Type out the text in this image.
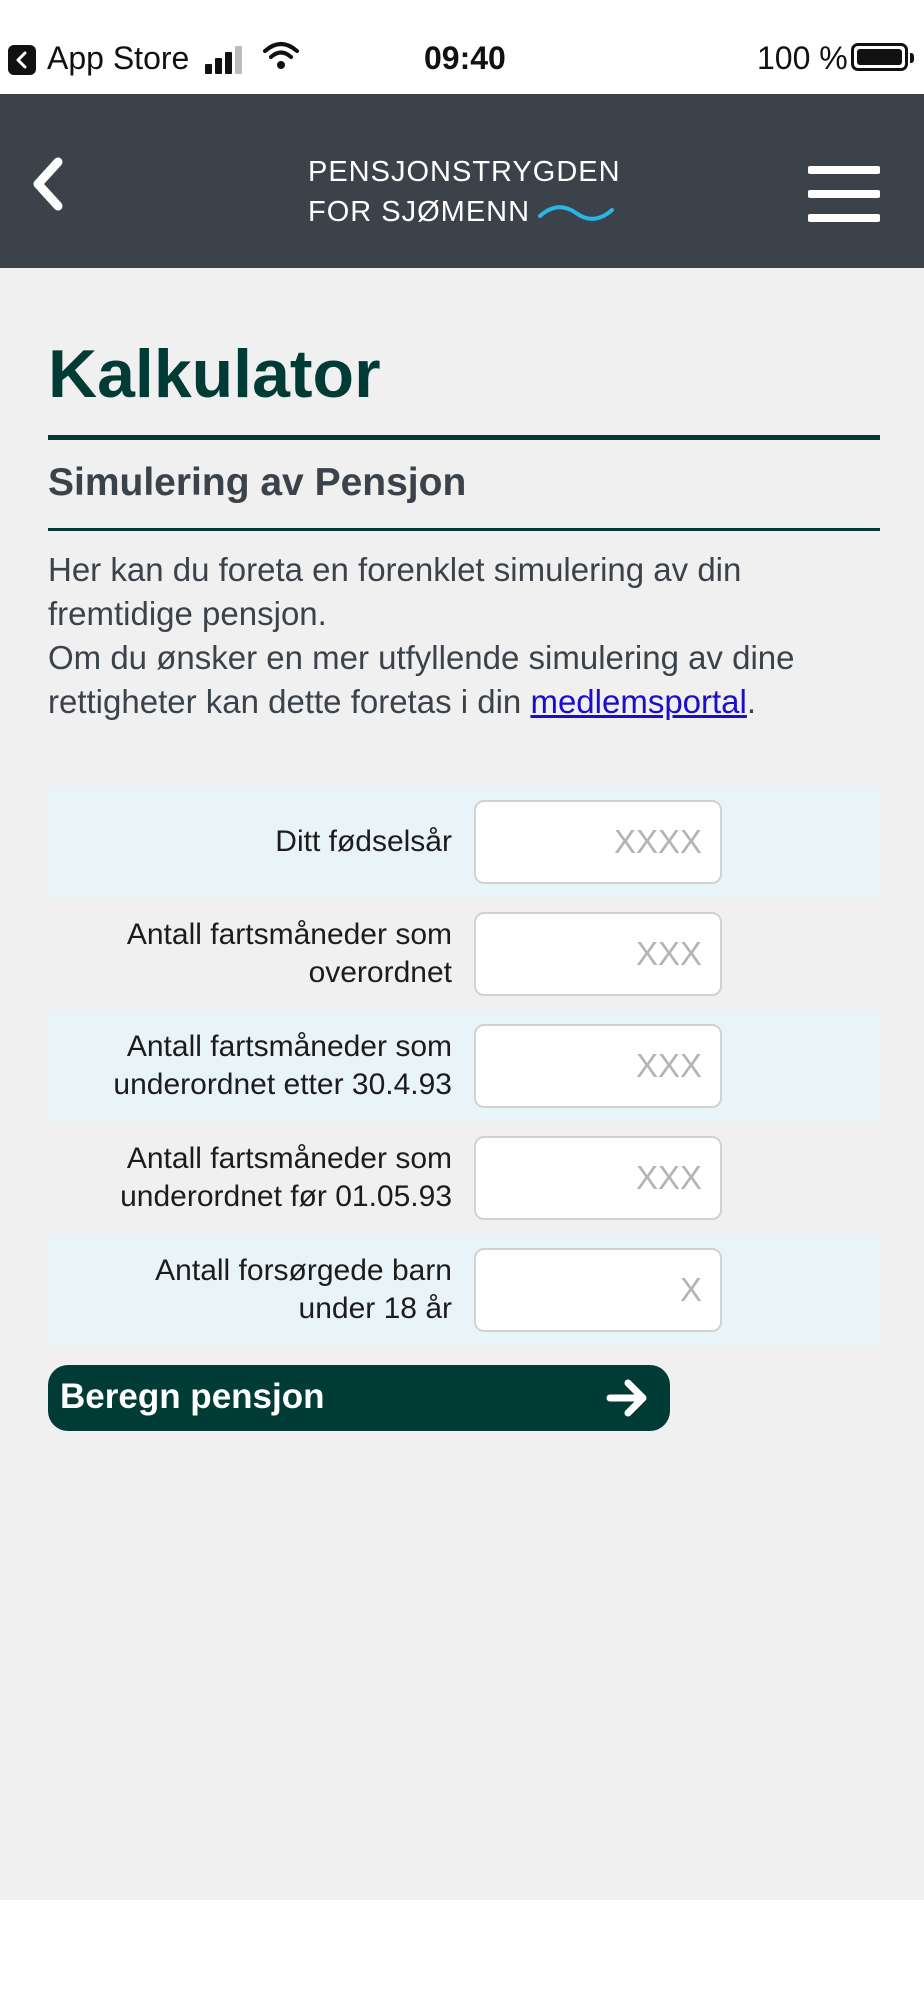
App Store	09:40	100 %
PENSJONSTRYGDEN
FOR SJØMENN
Kalkulator
Simulering av Pensjon
Her kan du foreta en forenklet simulering av din fremtidige pensjon.
Om du ønsker en mer utfyllende simulering av dine rettigheter kan dette foretas i din medlemsportal.
Ditt fødselsår
XXXX
Antall fartsmåneder som overordnet
XXX
Antall fartsmåneder som underordnet etter 30.4.93
XXX
Antall fartsmåneder som underordnet før 01.05.93
XXX
Antall forsørgede barn under 18 år
X
Beregn pensjon
